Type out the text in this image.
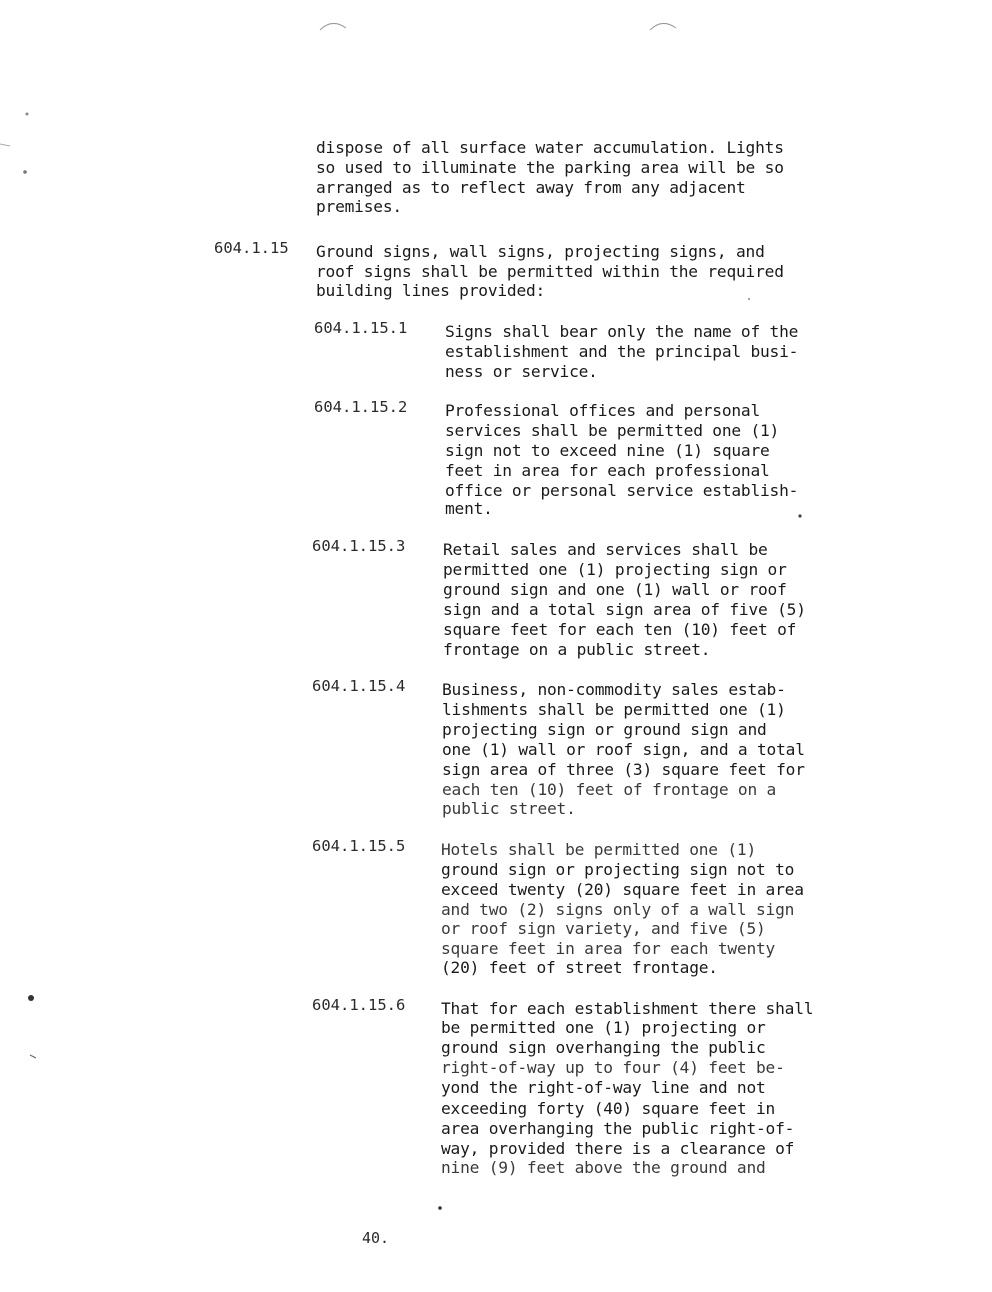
dispose of all surface water accumulation. Lights
so used to illuminate the parking area will be so
arranged as to reflect away from any adjacent
premises.
604.1.15 Ground signs, wall signs, projecting signs, and
roof signs shall be permitted within the required
building lines provided:
604.1.15.1 Signs shall bear only the name of the
establishment and the principal busi-
ness or service.
604.1.15.2 Professional offices and personal
services shall be permitted one (1)
sign not to exceed nine (1) square
feet in area for each professional
office or personal service establish-
ment.
604.1.15.3 Retail sales and services shall be
permitted one (1) projecting sign or
ground sign and one (1) wall or roof
sign and a total sign area of five (5)
square feet for each ten (10) feet of
frontage on a public street.
604.1.15.4 Business, non-commodity sales estab-
lishments shall be permitted one (1)
projecting sign or ground sign and
one (1) wall or roof sign, and a total
sign area of three (3) square feet for
each ten (10) feet of frontage on a
public street.
604.1.15.5 Hotels shall be permitted one (1)
ground sign or projecting sign not to
exceed twenty (20) square feet in area
and two (2) signs only of a wall sign
or roof sign variety, and five (5)
square feet in area for each twenty
(20) feet of street frontage.
604.1.15.6 That for each establishment there shall
be permitted one (1) projecting or
ground sign overhanging the public
right-of-way up to four (4) feet be-
yond the right-of-way line and not
exceeding forty (40) square feet in
area overhanging the public right-of-
way, provided there is a clearance of
nine (9) feet above the ground and
40.
